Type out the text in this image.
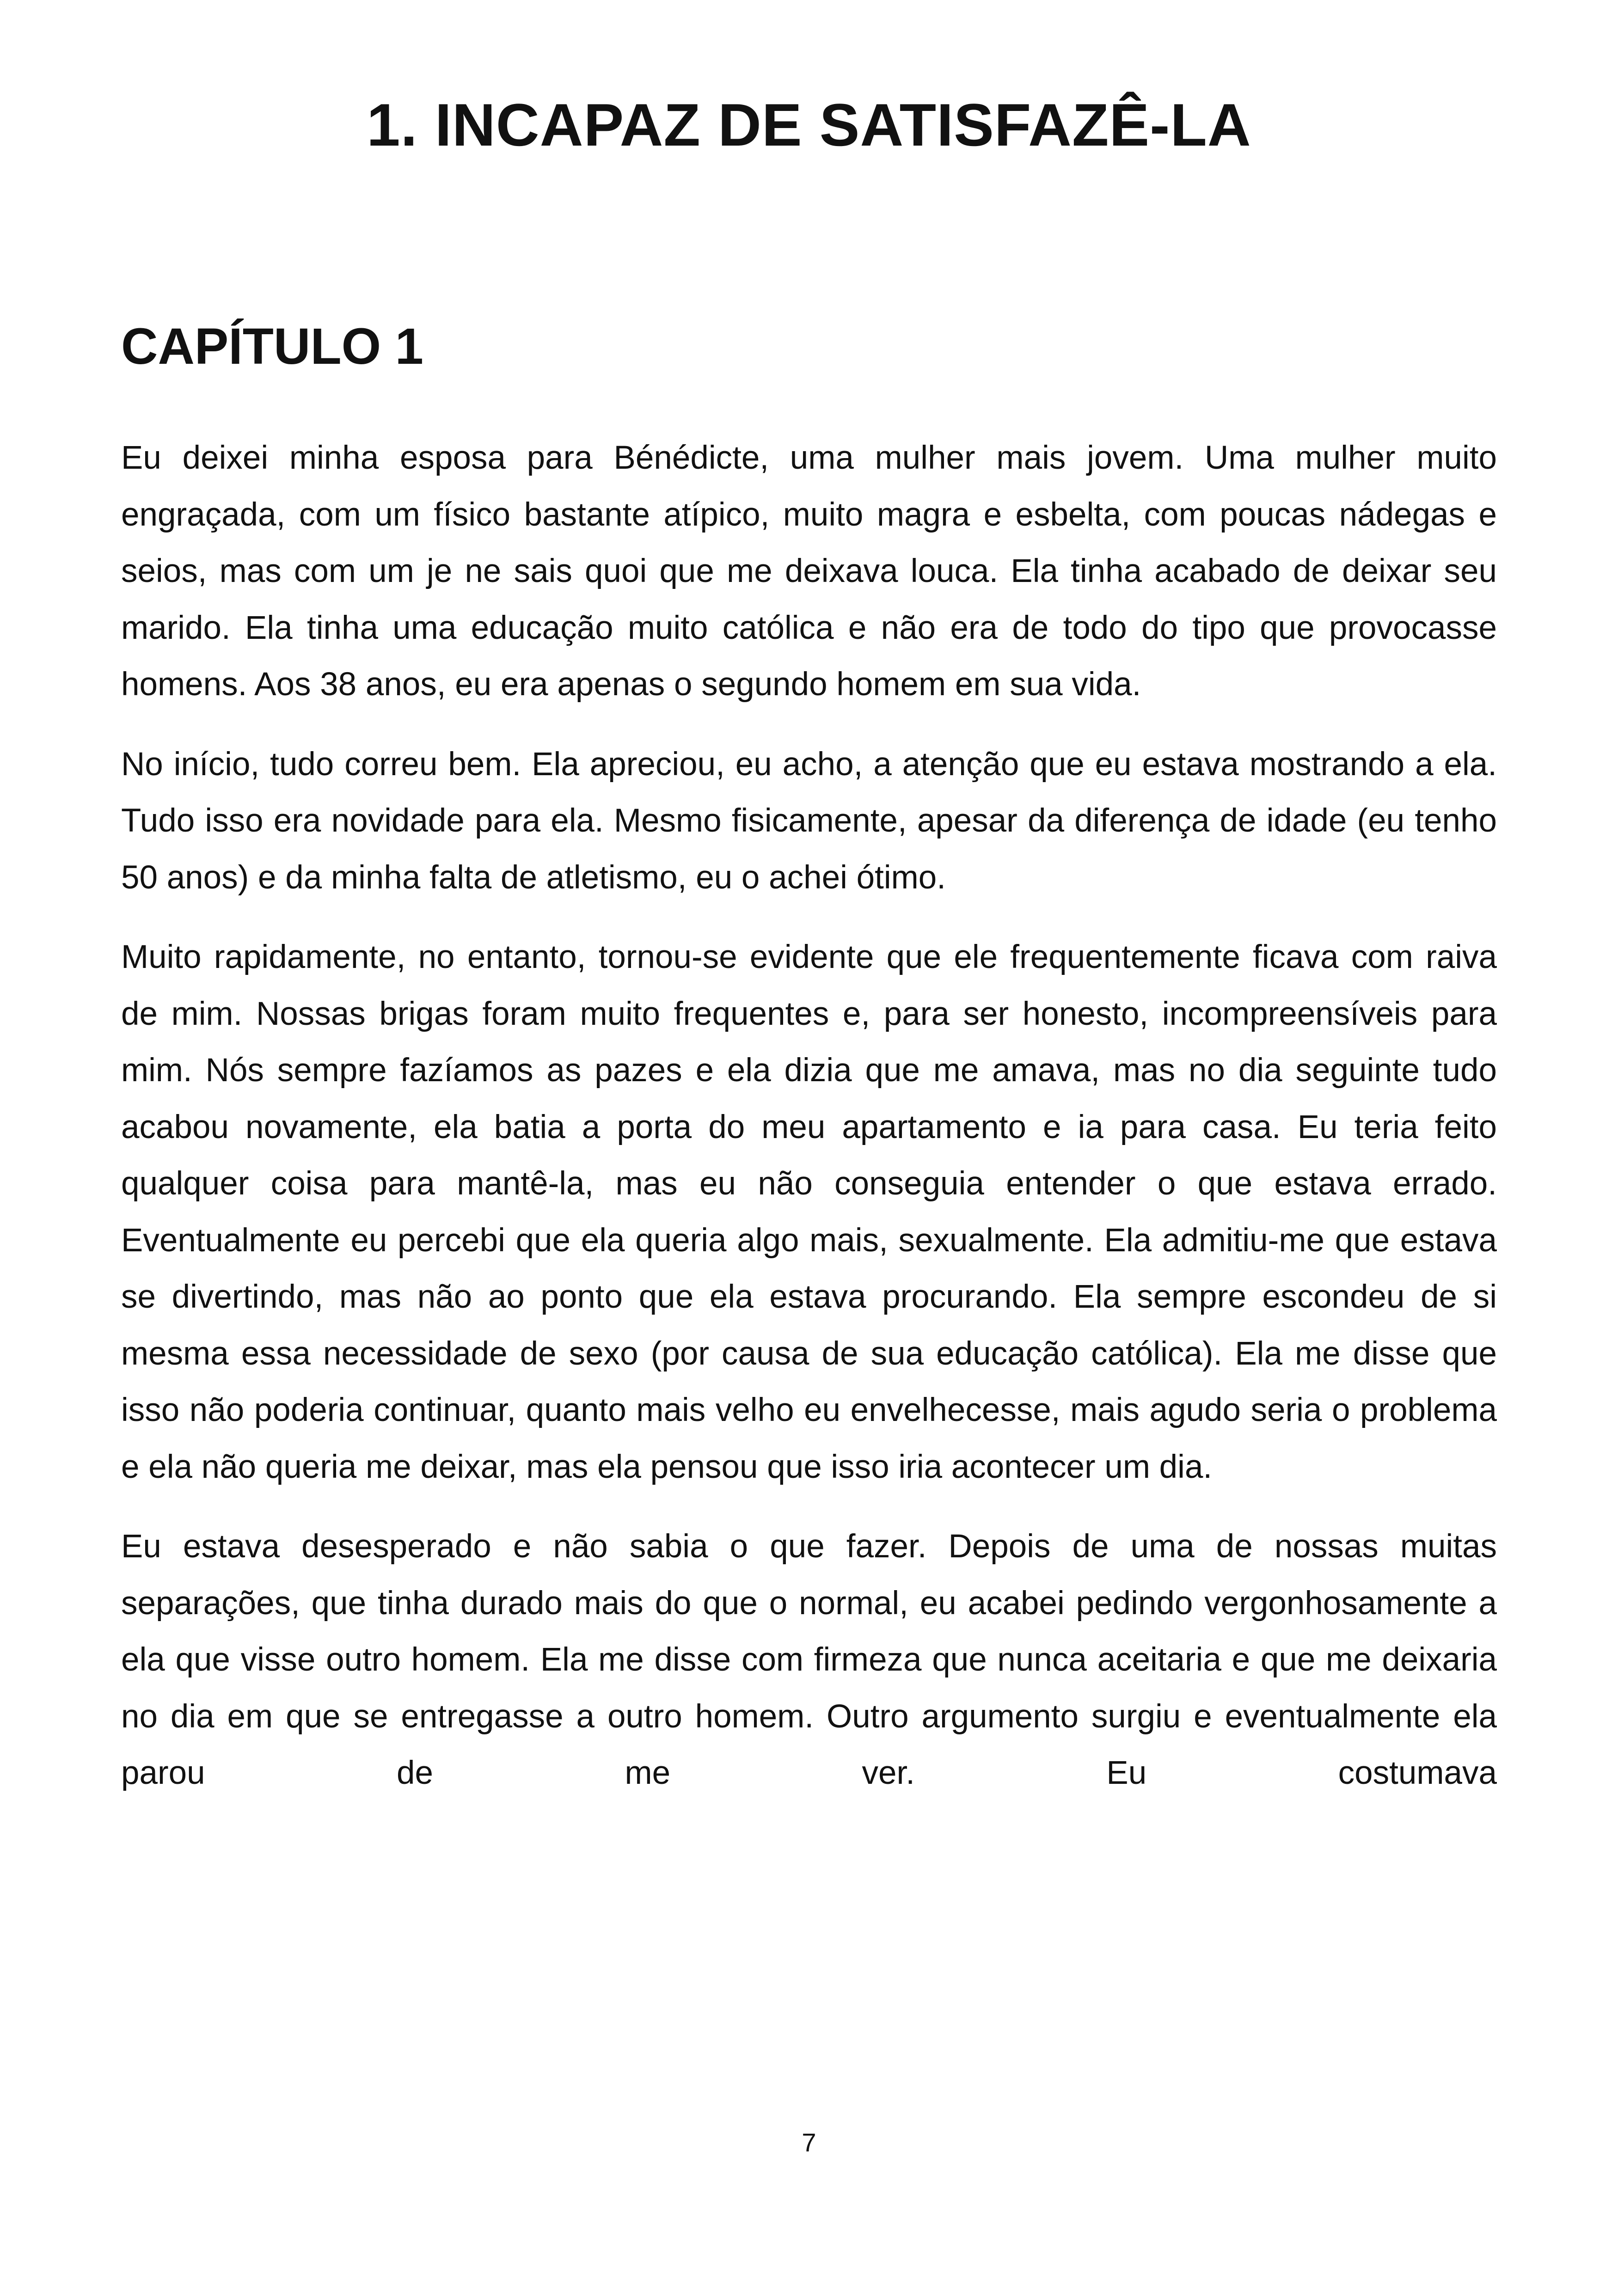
1. INCAPAZ DE SATISFAZÊ-LA
CAPÍTULO 1

Eu deixei minha esposa para Bénédicte, uma mulher mais jovem. Uma mulher muito engraçada, com um físico bastante atípico, muito magra e esbelta, com poucas nádegas e seios, mas com um je ne sais quoi que me deixava louca. Ela tinha acabado de deixar seu marido. Ela tinha uma educação muito católica e não era de todo do tipo que provocasse homens. Aos 38 anos, eu era apenas o segundo homem em sua vida.

No início, tudo correu bem. Ela apreciou, eu acho, a atenção que eu estava mostrando a ela. Tudo isso era novidade para ela. Mesmo fisicamente, apesar da diferença de idade (eu tenho 50 anos) e da minha falta de atletismo, eu o achei ótimo.

Muito rapidamente, no entanto, tornou-se evidente que ele frequentemente ficava com raiva de mim. Nossas brigas foram muito frequentes e, para ser honesto, incompreensíveis para mim. Nós sempre fazíamos as pazes e ela dizia que me amava, mas no dia seguinte tudo acabou novamente, ela batia a porta do meu apartamento e ia para casa. Eu teria feito qualquer coisa para mantê-la, mas eu não conseguia entender o que estava errado. Eventualmente eu percebi que ela queria algo mais, sexualmente. Ela admitiu-me que estava se divertindo, mas não ao ponto que ela estava procurando. Ela sempre escondeu de si mesma essa necessidade de sexo (por causa de sua educação católica). Ela me disse que isso não poderia continuar, quanto mais velho eu envelhecesse, mais agudo seria o problema e ela não queria me deixar, mas ela pensou que isso iria acontecer um dia.

Eu estava desesperado e não sabia o que fazer. Depois de uma de nossas muitas separações, que tinha durado mais do que o normal, eu acabei pedindo vergonhosamente a ela que visse outro homem. Ela me disse com firmeza que nunca aceitaria e que me deixaria no dia em que se entregasse a outro homem. Outro argumento surgiu e eventualmente ela parou de me ver. Eu costumava

7
